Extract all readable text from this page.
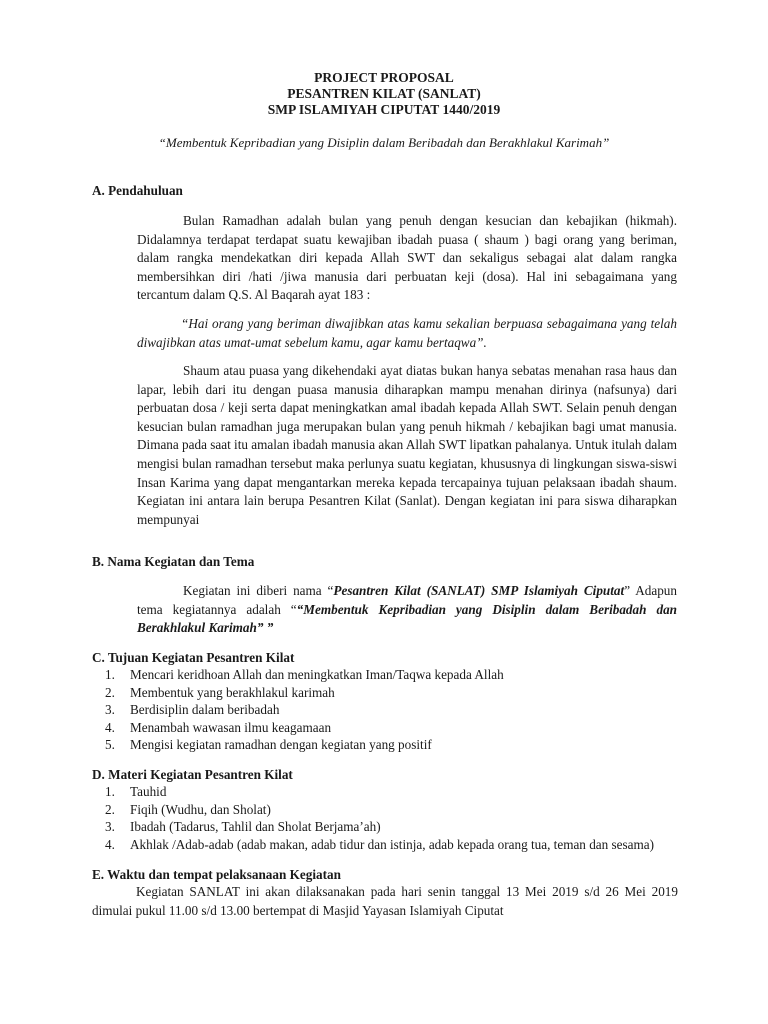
PROJECT PROPOSAL
PESANTREN KILAT (SANLAT)
SMP ISLAMIYAH CIPUTAT 1440/2019
“Membentuk Kepribadian yang Disiplin dalam Beribadah dan Berakhlakul Karimah”
A. Pendahuluan
Bulan Ramadhan adalah bulan yang penuh dengan kesucian dan kebajikan (hikmah). Didalamnya terdapat terdapat suatu kewajiban ibadah puasa ( shaum ) bagi orang yang beriman, dalam rangka mendekatkan diri kepada Allah SWT dan sekaligus sebagai alat dalam rangka membersihkan diri /hati /jiwa manusia dari perbuatan keji (dosa). Hal ini sebagaimana yang tercantum dalam Q.S. Al Baqarah ayat 183 :
“Hai orang yang beriman diwajibkan atas kamu sekalian berpuasa sebagaimana yang telah diwajibkan atas umat-umat sebelum kamu, agar kamu bertaqwa”.
Shaum atau puasa yang dikehendaki ayat diatas bukan hanya sebatas menahan rasa haus dan lapar, lebih dari itu dengan puasa manusia diharapkan mampu menahan dirinya (nafsunya) dari perbuatan dosa / keji serta dapat meningkatkan amal ibadah kepada Allah SWT. Selain penuh dengan kesucian bulan ramadhan juga merupakan bulan yang penuh hikmah / kebajikan bagi umat manusia. Dimana pada saat itu amalan ibadah manusia akan Allah SWT lipatkan pahalanya. Untuk itulah dalam mengisi bulan ramadhan tersebut maka perlunya suatu kegiatan, khususnya di lingkungan siswa-siswi Insan Karima yang dapat mengantarkan mereka kepada tercapainya tujuan pelaksaan ibadah shaum. Kegiatan ini antara lain berupa Pesantren Kilat (Sanlat). Dengan kegiatan ini para siswa diharapkan mempunyai
B. Nama Kegiatan dan Tema
Kegiatan ini diberi nama “Pesantren Kilat (SANLAT) SMP Islamiyah Ciputat” Adapun tema kegiatannya adalah ““Membentuk Kepribadian yang Disiplin dalam Beribadah dan Berakhlakul Karimah” ”
C. Tujuan Kegiatan Pesantren Kilat
1. Mencari keridhoan Allah dan meningkatkan Iman/Taqwa kepada Allah
2. Membentuk yang berakhlakul karimah
3. Berdisiplin dalam beribadah
4. Menambah wawasan ilmu keagamaan
5. Mengisi kegiatan ramadhan dengan kegiatan yang positif
D. Materi Kegiatan Pesantren Kilat
1. Tauhid
2. Fiqih (Wudhu, dan Sholat)
3. Ibadah (Tadarus, Tahlil dan Sholat Berjama’ah)
4. Akhlak /Adab-adab (adab makan, adab tidur dan istinja, adab kepada orang tua, teman dan sesama)
E. Waktu dan tempat pelaksanaan Kegiatan
Kegiatan SANLAT ini akan dilaksanakan pada hari senin tanggal 13 Mei 2019 s/d 26 Mei 2019 dimulai pukul 11.00 s/d 13.00 bertempat di Masjid Yayasan Islamiyah Ciputat
